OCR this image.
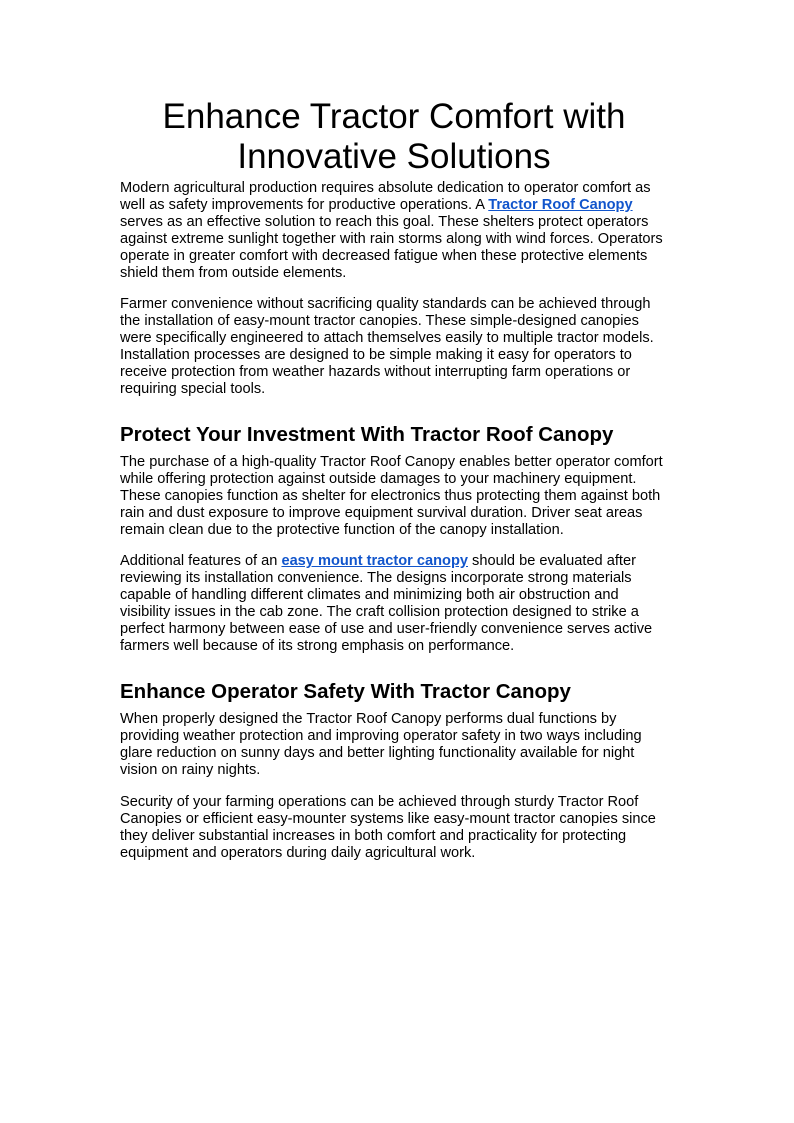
Enhance Tractor Comfort with
Innovative Solutions

Modern agricultural production requires absolute dedication to operator comfort as well as safety improvements for productive operations. A Tractor Roof Canopy serves as an effective solution to reach this goal. These shelters protect operators against extreme sunlight together with rain storms along with wind forces. Operators operate in greater comfort with decreased fatigue when these protective elements shield them from outside elements.

Farmer convenience without sacrificing quality standards can be achieved through the installation of easy-mount tractor canopies. These simple-designed canopies were specifically engineered to attach themselves easily to multiple tractor models. Installation processes are designed to be simple making it easy for operators to receive protection from weather hazards without interrupting farm operations or requiring special tools.

Protect Your Investment With Tractor Roof Canopy

The purchase of a high-quality Tractor Roof Canopy enables better operator comfort while offering protection against outside damages to your machinery equipment. These canopies function as shelter for electronics thus protecting them against both rain and dust exposure to improve equipment survival duration. Driver seat areas remain clean due to the protective function of the canopy installation.

Additional features of an easy mount tractor canopy should be evaluated after reviewing its installation convenience. The designs incorporate strong materials capable of handling different climates and minimizing both air obstruction and visibility issues in the cab zone. The craft collision protection designed to strike a perfect harmony between ease of use and user-friendly convenience serves active farmers well because of its strong emphasis on performance.

Enhance Operator Safety With Tractor Canopy

When properly designed the Tractor Roof Canopy performs dual functions by providing weather protection and improving operator safety in two ways including glare reduction on sunny days and better lighting functionality available for night vision on rainy nights.

Security of your farming operations can be achieved through sturdy Tractor Roof Canopies or efficient easy-mounter systems like easy-mount tractor canopies since they deliver substantial increases in both comfort and practicality for protecting equipment and operators during daily agricultural work.
